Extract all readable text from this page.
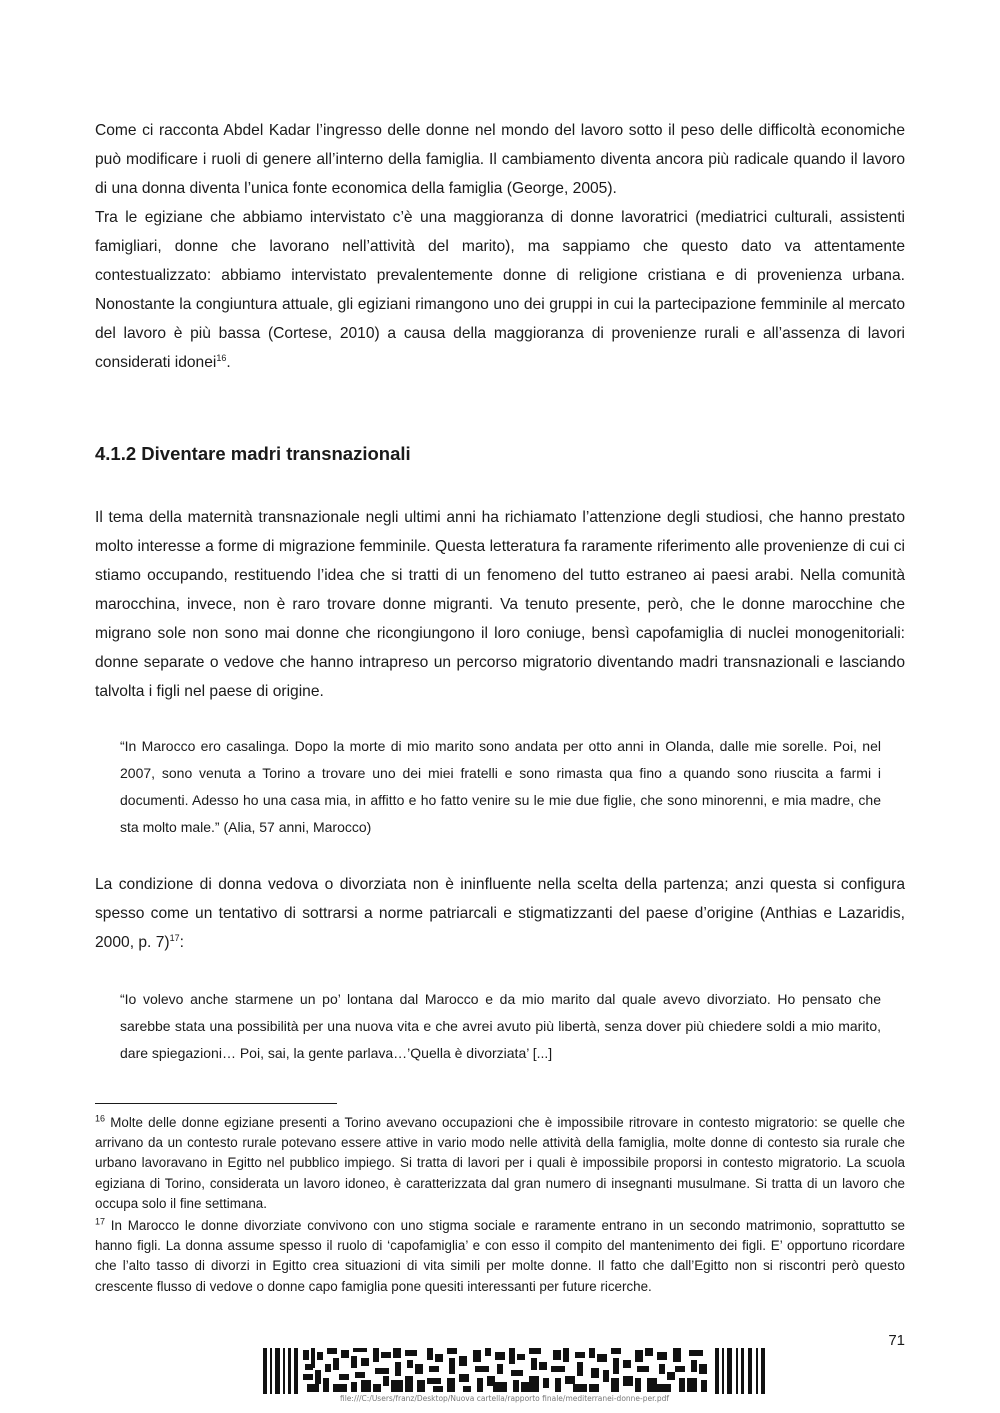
Come ci racconta Abdel Kadar l’ingresso delle donne nel mondo del lavoro sotto il peso delle difficoltà economiche può modificare i ruoli di genere all’interno della famiglia. Il cambiamento diventa ancora più radicale quando il lavoro di una donna diventa l’unica fonte economica della famiglia (George, 2005).

Tra le egiziane che abbiamo intervistato c’è una maggioranza di donne lavoratrici (mediatrici culturali, assistenti famigliari, donne che lavorano nell’attività del marito), ma sappiamo che questo dato va attentamente contestualizzato: abbiamo intervistato prevalentemente donne di religione cristiana e di provenienza urbana. Nonostante la congiuntura attuale, gli egiziani rimangono uno dei gruppi in cui la partecipazione femminile al mercato del lavoro è più bassa (Cortese, 2010) a causa della maggioranza di provenienze rurali e all’assenza di lavori considerati idonei$^{16}$.

4.1.2 Diventare madri transnazionali

Il tema della maternità transnazionale negli ultimi anni ha richiamato l’attenzione degli studiosi, che hanno prestato molto interesse a forme di migrazione femminile. Questa letteratura fa raramente riferimento alle provenienze di cui ci stiamo occupando, restituendo l’idea che si tratti di un fenomeno del tutto estraneo ai paesi arabi. Nella comunità marocchina, invece, non è raro trovare donne migranti. Va tenuto presente, però, che le donne marocchine che migrano sole non sono mai donne che ricongiungono il loro coniuge, bensì capofamiglia di nuclei monogenitoriali: donne separate o vedove che hanno intrapreso un percorso migratorio diventando madri transnazionali e lasciando talvolta i figli nel paese di origine.

“In Marocco ero casalinga. Dopo la morte di mio marito sono andata per otto anni in Olanda, dalle mie sorelle. Poi, nel 2007, sono venuta a Torino a trovare uno dei miei fratelli e sono rimasta qua fino a quando sono riuscita a farmi i documenti. Adesso ho una casa mia, in affitto e ho fatto venire su le mie due figlie, che sono minorenni, e mia madre, che sta molto male.” (Alia, 57 anni, Marocco)

La condizione di donna vedova o divorziata non è ininfluente nella scelta della partenza; anzi questa si configura spesso come un tentativo di sottrarsi a norme patriarcali e stigmatizzanti del paese d’origine (Anthias e Lazaridis, 2000, p. 7)$^{17}$:

“Io volevo anche starmene un po’ lontana dal Marocco e da mio marito dal quale avevo divorziato. Ho pensato che sarebbe stata una possibilità per una nuova vita e che avrei avuto più libertà, senza dover più chiedere soldi a mio marito, dare spiegazioni… Poi, sai, la gente parlava…’Quella è divorziata’ [...]

$^{16}$ Molte delle donne egiziane presenti a Torino avevano occupazioni che è impossibile ritrovare in contesto migratorio: se quelle che arrivano da un contesto rurale potevano essere attive in vario modo nelle attività della famiglia, molte donne di contesto sia rurale che urbano lavoravano in Egitto nel pubblico impiego. Si tratta di lavori per i quali è impossibile proporsi in contesto migratorio. La scuola egiziana di Torino, considerata un lavoro idoneo, è caratterizzata dal gran numero di insegnanti musulmane. Si tratta di un lavoro che occupa solo il fine settimana.

$^{17}$ In Marocco le donne divorziate convivono con uno stigma sociale e raramente entrano in un secondo matrimonio, soprattutto se hanno figli. La donna assume spesso il ruolo di ‘capofamiglia’ e con esso il compito del mantenimento dei figli. E’ opportuno ricordare che l’alto tasso di divorzi in Egitto crea situazioni di vita simili per molte donne. Il fatto che dall’Egitto non si riscontri però questo crescente flusso di vedove o donne capo famiglia pone quesiti interessanti per future ricerche.

71
file:///C:/Users/franz/Desktop/Nuova cartella/rapporto finale/mediterranei-donne-per.pdf
